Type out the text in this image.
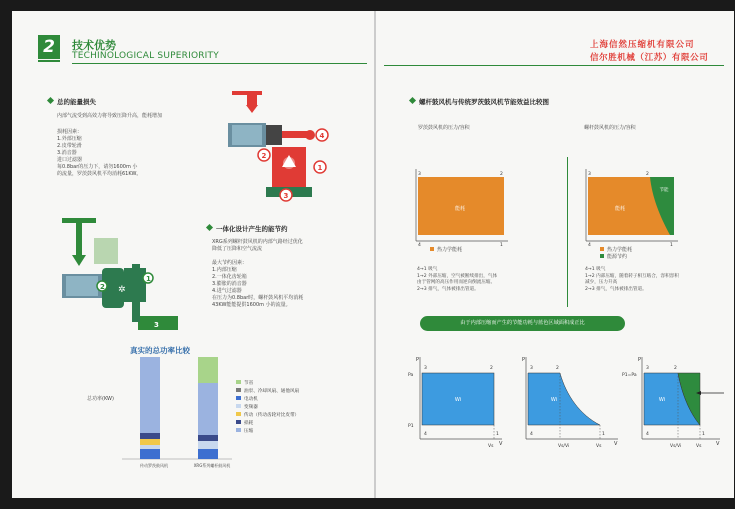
2	技术优势
TECHINOLOGICAL SUPERIORITY
总的能量损失
内部气流受到高效力将导致压降升高，能耗增加
损耗因素：
1.外部压缩
2.皮带轮滑
3.消音器
进口过滤器
每0.8bar的压力下，请勿1600m 小
的流量，罗茨鼓风机平均消耗61KW。
2
4
1
3
✲
2
1
3
一体化设计产生的能节约
XRG系列螺杆鼓风机的内部气路经过优化
降低了压降和空气流流
最大节约因素：
1.内部压缩
2.一体化齿轮箱
3.膨胀的消音器
4.进气过滤器
在压力为0.8bar时，螺杆鼓风机平均消耗
43KW能能提供1600m 小的流量。
真实的总功率比较
总功率(KW)
传动罗茨鼓风机	XRG系列螺杆鼓风机
节省
油泵、冷却风扇、通他风扇
电动机
变频器
传动（传动齿轮对比皮带）
损耗
压缩
上海信然压缩机有限公司
信尔胜机械（江苏）有限公司
螺杆鼓风机与传统罗茨鼓风机节能效益比较图
罗茨鼓风机的压力/容积	螺杆鼓风机的压力/容积
能耗
3	2
4	1
能耗
节能
3	2
4	1
热力学能耗	热力学能耗
能源节约
4→1 吸气
1→2 外部压缩，空气被断续排出，气体
由于管网的高压作用而逆向倒流压缩。
2→3 排气，气体被排出管道。
4→1 吸气
1→2 内部压缩，随着转子相互啮合，容积容积
减少，压力升高
2→3 排气，气体被排出管道。
由于内部压缩而产生的节能功耗与蓝色区域面积成正比
Wi
P
V
Pa
P1
Vs
3	2
4	1
Wi
P
V
Vs/Vi	Vs
3	2
4	1
Wi
P
V
P1=Pa
Vs/Vi	Vs
3	2
4	1
